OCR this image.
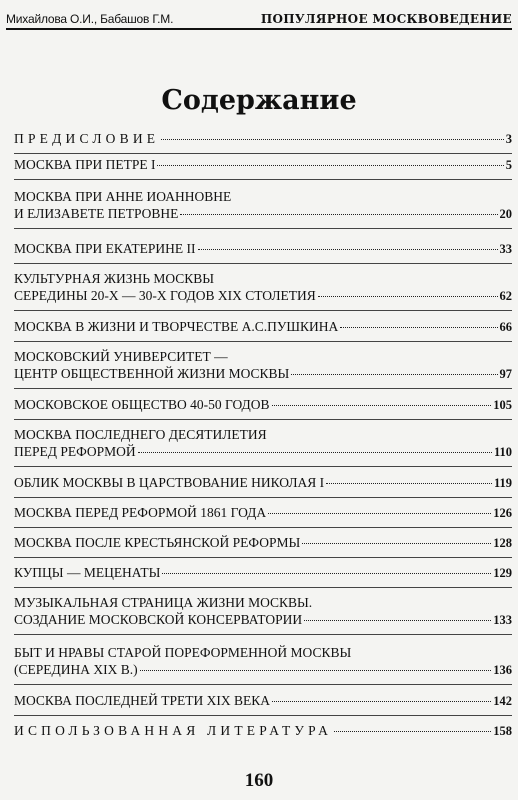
Михайлова О.И., Бабашов Г.М.	ПОПУЛЯРНОЕ МОСКВОВЕДЕНИЕ
Содержание
ПРЕДИСЛОВИЕ	3
МОСКВА ПРИ ПЕТРЕ I	5
МОСКВА ПРИ АННЕ ИОАННОВНЕ
И ЕЛИЗАВЕТЕ ПЕТРОВНЕ	20
МОСКВА ПРИ ЕКАТЕРИНЕ II	33
КУЛЬТУРНАЯ ЖИЗНЬ МОСКВЫ
СЕРЕДИНЫ 20-Х — 30-Х ГОДОВ XIX СТОЛЕТИЯ	62
МОСКВА В ЖИЗНИ И ТВОРЧЕСТВЕ А.С.ПУШКИНА	66
МОСКОВСКИЙ УНИВЕРСИТЕТ —
ЦЕНТР ОБЩЕСТВЕННОЙ ЖИЗНИ МОСКВЫ	97
МОСКОВСКОЕ ОБЩЕСТВО 40-50 ГОДОВ	105
МОСКВА ПОСЛЕДНЕГО ДЕСЯТИЛЕТИЯ
ПЕРЕД РЕФОРМОЙ	110
ОБЛИК МОСКВЫ В ЦАРСТВОВАНИЕ НИКОЛАЯ I	119
МОСКВА ПЕРЕД РЕФОРМОЙ 1861 ГОДА	126
МОСКВА ПОСЛЕ КРЕСТЬЯНСКОЙ РЕФОРМЫ	128
КУПЦЫ — МЕЦЕНАТЫ	129
МУЗЫКАЛЬНАЯ СТРАНИЦА ЖИЗНИ МОСКВЫ.
СОЗДАНИЕ МОСКОВСКОЙ КОНСЕРВАТОРИИ	133
БЫТ И НРАВЫ СТАРОЙ ПОРЕФОРМЕННОЙ МОСКВЫ
(СЕРЕДИНА XIX В.)	136
МОСКВА ПОСЛЕДНЕЙ ТРЕТИ XIX ВЕКА	142
ИСПОЛЬЗОВАННАЯ ЛИТЕРАТУРА	158
160
